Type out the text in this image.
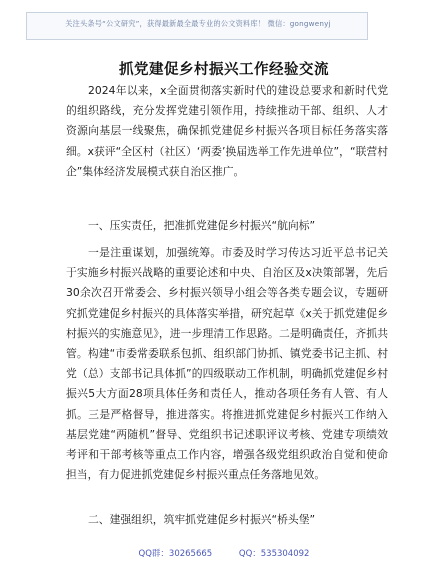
关注头条号“公文研究”，获得最新最全最专业的公文资料库！ 微信：gongwenyj
抓党建促乡村振兴工作经验交流
2024年以来，x全面贯彻落实新时代的建设总要求和新时代党的组织路线，充分发挥党建引领作用，持续推动干部、组织、人才资源向基层一线聚焦，确保抓党建促乡村振兴各项目标任务落实落细。x获评“全区村（社区）‘两委’换届选举工作先进单位”，“联营村企”集体经济发展模式获自治区推广。
一、压实责任，把准抓党建促乡村振兴“航向标”
一是注重谋划，加强统筹。市委及时学习传达习近平总书记关于实施乡村振兴战略的重要论述和中央、自治区及x决策部署，先后30余次召开常委会、乡村振兴领导小组会等各类专题会议，专题研究抓党建促乡村振兴的具体落实举措，研究起草《x关于抓党建促乡村振兴的实施意见》，进一步理清工作思路。二是明确责任，齐抓共管。构建“市委常委联系包抓、组织部门协抓、镇党委书记主抓、村党（总）支部书记具体抓”的四级联动工作机制，明确抓党建促乡村振兴5大方面28项具体任务和责任人，推动各项任务有人管、有人抓。三是严格督导，推进落实。将推进抓党建促乡村振兴工作纳入基层党建“两随机”督导、党组织书记述职评议考核、党建专项绩效考评和干部考核等重点工作内容，增强各级党组织政治自觉和使命担当，有力促进抓党建促乡村振兴重点任务落地见效。
二、建强组织，筑牢抓党建促乡村振兴“桥头堡”
QQ群：30265665	QQ：535304092
